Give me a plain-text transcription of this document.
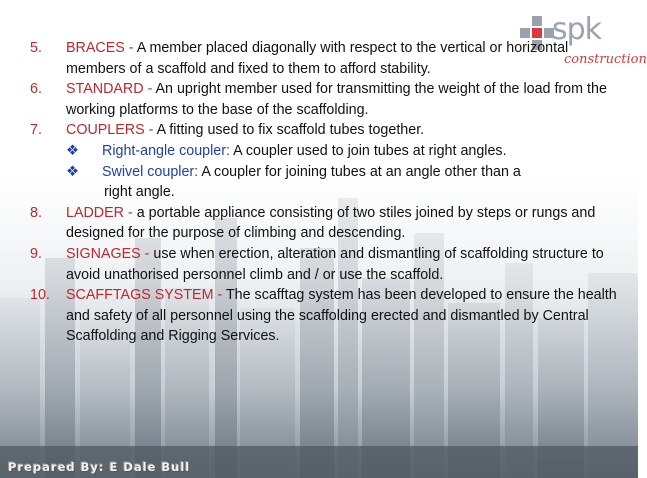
spk
construction
5.	BRACES - A member placed diagonally with respect to the vertical or horizontal members of a scaffold and fixed to them to afford stability.
6.	STANDARD - An upright member used for transmitting the weight of the load from the working platforms to the base of the scaffolding.
7.	COUPLERS - A fitting used to fix scaffold tubes together.
❖	Right-angle coupler: A coupler used to join tubes at right angles.
❖	Swivel coupler: A coupler for joining tubes at an angle other than a
right angle.
8.	LADDER - a portable appliance consisting of two stiles joined by steps or rungs and designed for the purpose of climbing and descending.
9.	SIGNAGES - use when erection, alteration and dismantling of scaffolding structure to avoid unathorised personnel climb and / or use the scaffold.
10.	SCAFFTAGS SYSTEM - The scafftag system has been developed to ensure the health and safety of all personnel using the scaffolding erected and dismantled by Central Scaffolding and Rigging Services.
Prepared By: E Dale Bull
